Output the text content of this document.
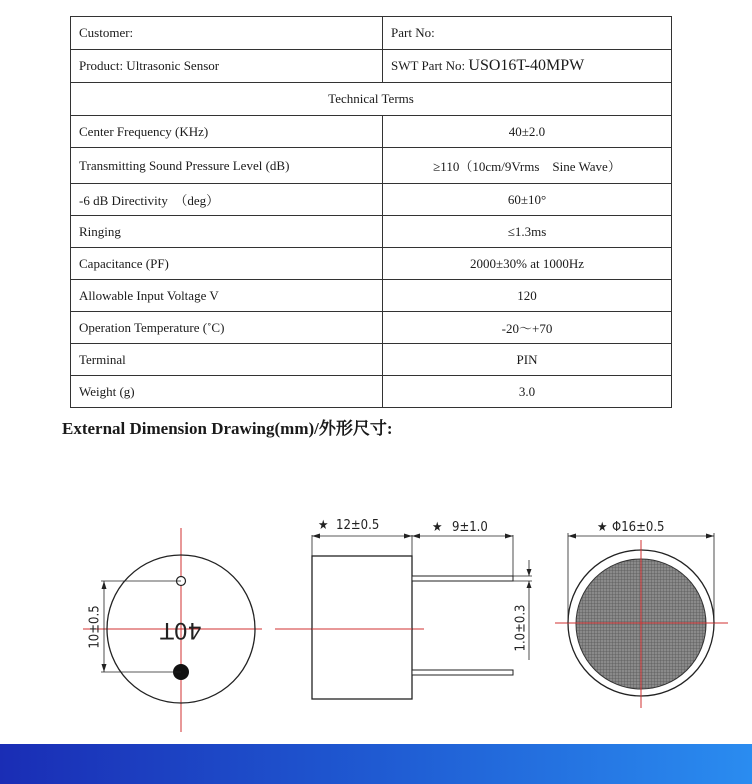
Customer:	Part No:
Product: Ultrasonic Sensor	SWT Part No: USO16T-40MPW
Technical Terms	
Center Frequency (KHz)	40±2.0
Transmitting Sound Pressure Level (dB)	≥110（10cm/9Vrms　Sine Wave）
-6 dB Directivity　（deg）	60±10°
Ringing	≤1.3ms
Capacitance (PF)	2000±30% at 1000Hz
Allowable Input Voltage V	120
Operation Temperature (˚C)	-20～+70
Terminal	PIN
Weight (g)	3.0

External Dimension Drawing(mm)/外形尺寸:

40T
10±0.5
★ 12±0.5	★ 9±1.0
1.0±0.3
★ Φ16±0.5
